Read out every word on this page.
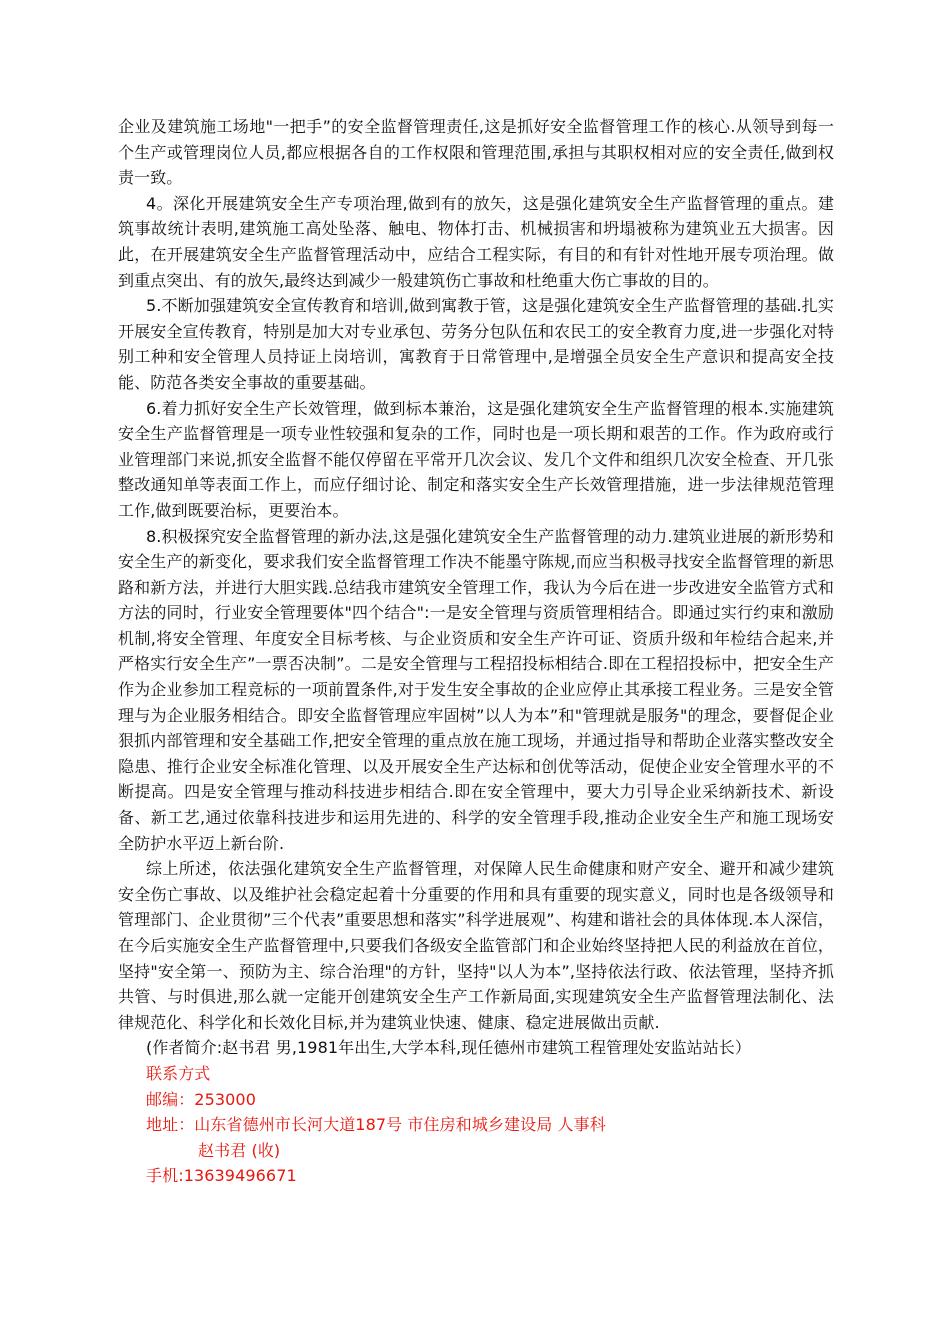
企业及建筑施工场地"一把手”的安全监督管理责任,这是抓好安全监督管理工作的核心.从领导到每一个生产或管理岗位人员,都应根据各自的工作权限和管理范围,承担与其职权相对应的安全责任,做到权责一致。

4。深化开展建筑安全生产专项治理,做到有的放矢，这是强化建筑安全生产监督管理的重点。建筑事故统计表明,建筑施工高处坠落、触电、物体打击、机械损害和坍塌被称为建筑业五大损害。因此，在开展建筑安全生产监督管理活动中，应结合工程实际，有目的和有针对性地开展专项治理。做到重点突出、有的放矢,最终达到减少一般建筑伤亡事故和杜绝重大伤亡事故的目的。

5.不断加强建筑安全宣传教育和培训,做到寓教于管，这是强化建筑安全生产监督管理的基础.扎实开展安全宣传教育，特别是加大对专业承包、劳务分包队伍和农民工的安全教育力度,进一步强化对特别工种和安全管理人员持证上岗培训，寓教育于日常管理中,是增强全员安全生产意识和提高安全技能、防范各类安全事故的重要基础。

6.着力抓好安全生产长效管理，做到标本兼治，这是强化建筑安全生产监督管理的根本.实施建筑安全生产监督管理是一项专业性较强和复杂的工作，同时也是一项长期和艰苦的工作。作为政府或行业管理部门来说,抓安全监督不能仅停留在平常开几次会议、发几个文件和组织几次安全检查、开几张整改通知单等表面工作上，而应仔细讨论、制定和落实安全生产长效管理措施，进一步法律规范管理工作,做到既要治标，更要治本。

8.积极探究安全监督管理的新办法,这是强化建筑安全生产监督管理的动力.建筑业进展的新形势和安全生产的新变化，要求我们安全监督管理工作决不能墨守陈规,而应当积极寻找安全监督管理的新思路和新方法，并进行大胆实践.总结我市建筑安全管理工作，我认为今后在进一步改进安全监管方式和方法的同时，行业安全管理要体"四个结合":一是安全管理与资质管理相结合。即通过实行约束和激励机制,将安全管理、年度安全目标考核、与企业资质和安全生产许可证、资质升级和年检结合起来,并严格实行安全生产”一票否决制”。二是安全管理与工程招投标相结合.即在工程招投标中，把安全生产作为企业参加工程竞标的一项前置条件,对于发生安全事故的企业应停止其承接工程业务。三是安全管理与为企业服务相结合。即安全监督管理应牢固树”以人为本”和"管理就是服务"的理念，要督促企业狠抓内部管理和安全基础工作,把安全管理的重点放在施工现场，并通过指导和帮助企业落实整改安全隐患、推行企业安全标准化管理、以及开展安全生产达标和创优等活动，促使企业安全管理水平的不断提高。四是安全管理与推动科技进步相结合.即在安全管理中，要大力引导企业采纳新技术、新设备、新工艺,通过依靠科技进步和运用先进的、科学的安全管理手段,推动企业安全生产和施工现场安全防护水平迈上新台阶.

综上所述，依法强化建筑安全生产监督管理，对保障人民生命健康和财产安全、避开和减少建筑安全伤亡事故、以及维护社会稳定起着十分重要的作用和具有重要的现实意义，同时也是各级领导和管理部门、企业贯彻”三个代表”重要思想和落实”科学进展观”、构建和谐社会的具体体现.本人深信，在今后实施安全生产监督管理中,只要我们各级安全监管部门和企业始终坚持把人民的利益放在首位，坚持"安全第一、预防为主、综合治理"的方针，坚持"以人为本”,坚持依法行政、依法管理，坚持齐抓共管、与时俱进,那么就一定能开创建筑安全生产工作新局面,实现建筑安全生产监督管理法制化、法律规范化、科学化和长效化目标,并为建筑业快速、健康、稳定进展做出贡献.

(作者简介:赵书君 男,1981年出生,大学本科,现任德州市建筑工程管理处安监站站长）

联系方式
邮编：253000
地址：山东省德州市长河大道187号 市住房和城乡建设局 人事科
赵书君 (收)
手机:13639496671
